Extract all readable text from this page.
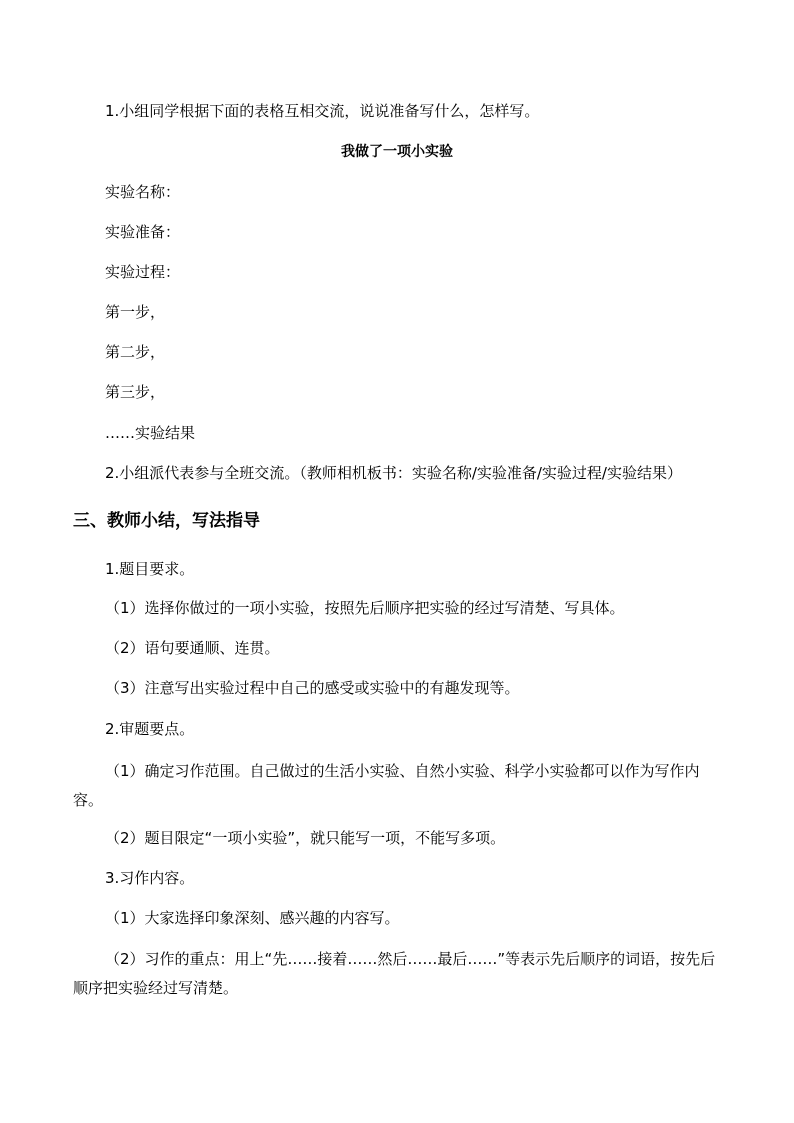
1.小组同学根据下面的表格互相交流，说说准备写什么，怎样写。
我做了一项小实验
实验名称：
实验准备：
实验过程：
第一步，
第二步，
第三步，
……实验结果
2.小组派代表参与全班交流。（教师相机板书：实验名称/实验准备/实验过程/实验结果）
三、教师小结，写法指导
1.题目要求。
（1）选择你做过的一项小实验，按照先后顺序把实验的经过写清楚、写具体。
（2）语句要通顺、连贯。
（3）注意写出实验过程中自己的感受或实验中的有趣发现等。
2.审题要点。
（1）确定习作范围。自己做过的生活小实验、自然小实验、科学小实验都可以作为写作内容。
（2）题目限定“一项小实验”，就只能写一项，不能写多项。
3.习作内容。
（1）大家选择印象深刻、感兴趣的内容写。
（2）习作的重点：用上“先……接着……然后……最后……”等表示先后顺序的词语，按先后顺序把实验经过写清楚。
